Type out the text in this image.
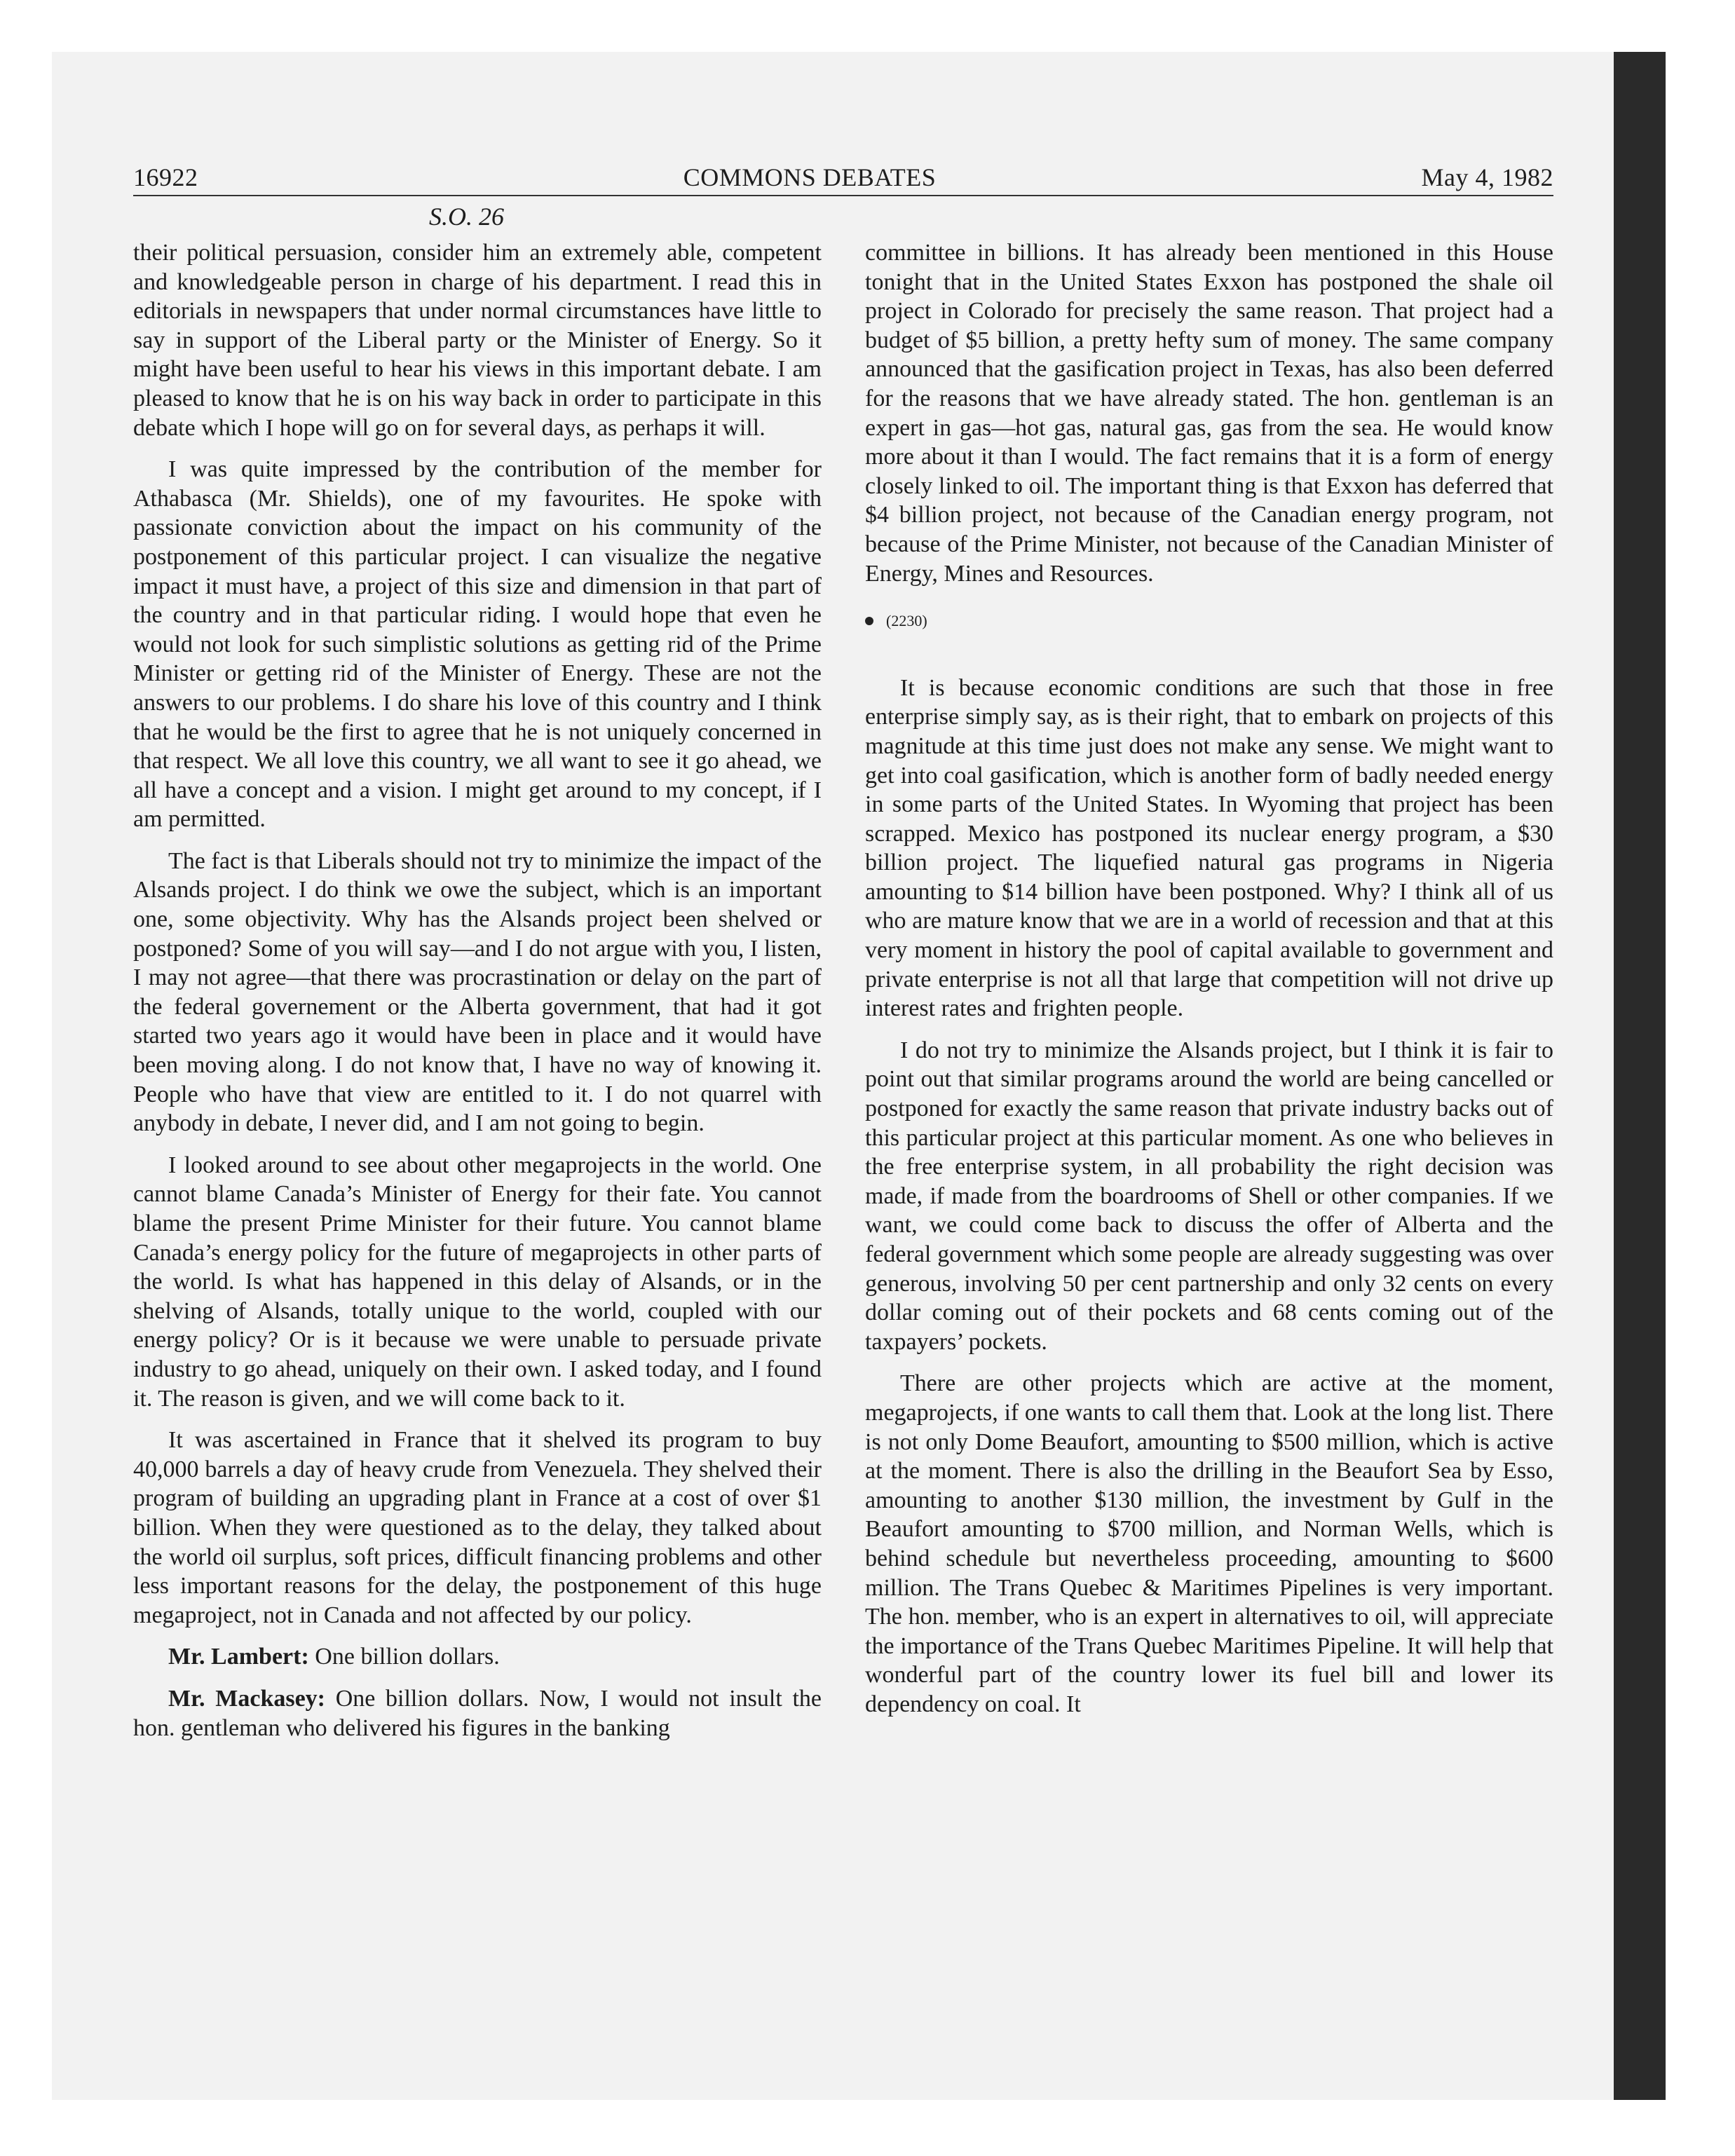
16922	COMMONS DEBATES	May 4, 1982
S.O. 26

their political persuasion, consider him an extremely able, competent and knowledgeable person in charge of his department. I read this in editorials in newspapers that under normal circumstances have little to say in support of the Liberal party or the Minister of Energy. So it might have been useful to hear his views in this important debate. I am pleased to know that he is on his way back in order to participate in this debate which I hope will go on for several days, as perhaps it will.

I was quite impressed by the contribution of the member for Athabasca (Mr. Shields), one of my favourites. He spoke with passionate conviction about the impact on his community of the postponement of this particular project. I can visualize the negative impact it must have, a project of this size and dimension in that part of the country and in that particular riding. I would hope that even he would not look for such simplistic solutions as getting rid of the Prime Minister or getting rid of the Minister of Energy. These are not the answers to our problems. I do share his love of this country and I think that he would be the first to agree that he is not uniquely concerned in that respect. We all love this country, we all want to see it go ahead, we all have a concept and a vision. I might get around to my concept, if I am permitted.

The fact is that Liberals should not try to minimize the impact of the Alsands project. I do think we owe the subject, which is an important one, some objectivity. Why has the Alsands project been shelved or postponed? Some of you will say—and I do not argue with you, I listen, I may not agree—that there was procrastination or delay on the part of the federal governement or the Alberta government, that had it got started two years ago it would have been in place and it would have been moving along. I do not know that, I have no way of knowing it. People who have that view are entitled to it. I do not quarrel with anybody in debate, I never did, and I am not going to begin.

I looked around to see about other megaprojects in the world. One cannot blame Canada’s Minister of Energy for their fate. You cannot blame the present Prime Minister for their future. You cannot blame Canada’s energy policy for the future of megaprojects in other parts of the world. Is what has happened in this delay of Alsands, or in the shelving of Alsands, totally unique to the world, coupled with our energy policy? Or is it because we were unable to persuade private industry to go ahead, uniquely on their own. I asked today, and I found it. The reason is given, and we will come back to it.

It was ascertained in France that it shelved its program to buy 40,000 barrels a day of heavy crude from Venezuela. They shelved their program of building an upgrading plant in France at a cost of over $1 billion. When they were questioned as to the delay, they talked about the world oil surplus, soft prices, difficult financing problems and other less important reasons for the delay, the postponement of this huge megaproject, not in Canada and not affected by our policy.

Mr. Lambert: One billion dollars.

Mr. Mackasey: One billion dollars. Now, I would not insult the hon. gentleman who delivered his figures in the banking

committee in billions. It has already been mentioned in this House tonight that in the United States Exxon has postponed the shale oil project in Colorado for precisely the same reason. That project had a budget of $5 billion, a pretty hefty sum of money. The same company announced that the gasification project in Texas, has also been deferred for the reasons that we have already stated. The hon. gentleman is an expert in gas—hot gas, natural gas, gas from the sea. He would know more about it than I would. The fact remains that it is a form of energy closely linked to oil. The important thing is that Exxon has deferred that $4 billion project, not because of the Canadian energy program, not because of the Prime Minister, not because of the Canadian Minister of Energy, Mines and Resources.

(2230)

It is because economic conditions are such that those in free enterprise simply say, as is their right, that to embark on projects of this magnitude at this time just does not make any sense. We might want to get into coal gasification, which is another form of badly needed energy in some parts of the United States. In Wyoming that project has been scrapped. Mexico has postponed its nuclear energy program, a $30 billion project. The liquefied natural gas programs in Nigeria amounting to $14 billion have been postponed. Why? I think all of us who are mature know that we are in a world of recession and that at this very moment in history the pool of capital available to government and private enterprise is not all that large that competition will not drive up interest rates and frighten people.

I do not try to minimize the Alsands project, but I think it is fair to point out that similar programs around the world are being cancelled or postponed for exactly the same reason that private industry backs out of this particular project at this particular moment. As one who believes in the free enterprise system, in all probability the right decision was made, if made from the boardrooms of Shell or other companies. If we want, we could come back to discuss the offer of Alberta and the federal government which some people are already suggesting was over generous, involving 50 per cent partnership and only 32 cents on every dollar coming out of their pockets and 68 cents coming out of the taxpayers’ pockets.

There are other projects which are active at the moment, megaprojects, if one wants to call them that. Look at the long list. There is not only Dome Beaufort, amounting to $500 million, which is active at the moment. There is also the drilling in the Beaufort Sea by Esso, amounting to another $130 million, the investment by Gulf in the Beaufort amounting to $700 million, and Norman Wells, which is behind schedule but nevertheless proceeding, amounting to $600 million. The Trans Quebec & Maritimes Pipelines is very important. The hon. member, who is an expert in alternatives to oil, will appreciate the importance of the Trans Quebec Maritimes Pipeline. It will help that wonderful part of the country lower its fuel bill and lower its dependency on coal. It
